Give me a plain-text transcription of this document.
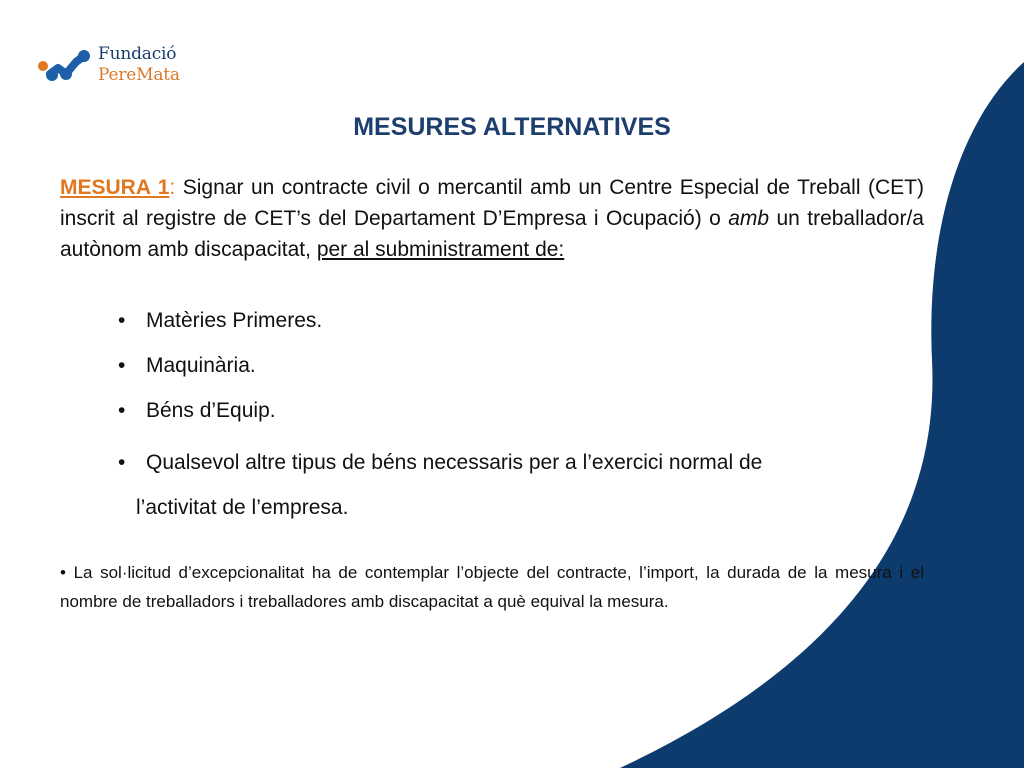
Fundació
PereMata
MESURES ALTERNATIVES

MESURA 1: Signar un contracte civil o mercantil amb un Centre Especial de Treball (CET) inscrit al registre de CET’s del Departament D’Empresa i Ocupació) o amb un treballador/a autònom amb discapacitat, per al subministrament de:

• Matèries Primeres.
• Maquinària.
• Béns d’Equip.
• Qualsevol altre tipus de béns necessaris per a l’exercici normal de
l’activitat de l’empresa.

• La sol·licitud d’excepcionalitat ha de contemplar l’objecte del contracte, l’import, la durada de la mesura i el nombre de treballadors i treballadores amb discapacitat a què equival la mesura.
